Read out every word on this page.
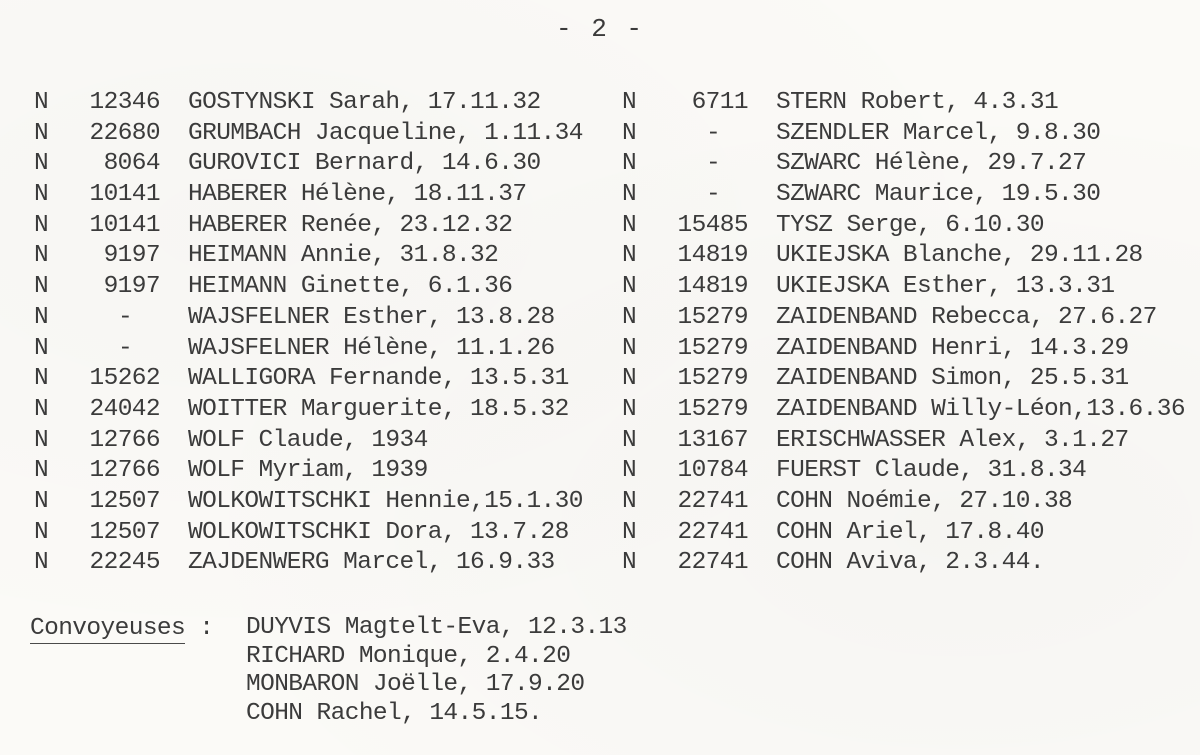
- 2 -
N	12346 GOSTYNSKI Sarah, 17.11.32
N	22680 GRUMBACH Jacqueline, 1.11.34
N	8064 GUROVICI Bernard, 14.6.30
N	10141 HABERER Hélène, 18.11.37
N	10141 HABERER Renée, 23.12.32
N	9197 HEIMANN Annie, 31.8.32
N	9197 HEIMANN Ginette, 6.1.36
N	-	WAJSFELNER Esther, 13.8.28
N	-	WAJSFELNER Hélène, 11.1.26
N	15262 WALLIGORA Fernande, 13.5.31
N	24042 WOITTER Marguerite, 18.5.32
N	12766 WOLF Claude, 1934
N	12766 WOLF Myriam, 1939
N	12507 WOLKOWITSCHKI Hennie,15.1.30
N	12507 WOLKOWITSCHKI Dora, 13.7.28
N	22245 ZAJDENWERG Marcel, 16.9.33
N	6711 STERN Robert, 4.3.31
N	-	SZENDLER Marcel, 9.8.30
N	-	SZWARC Hélène, 29.7.27
N	-	SZWARC Maurice, 19.5.30
N	15485 TYSZ Serge, 6.10.30
N	14819 UKIEJSKA Blanche, 29.11.28
N	14819 UKIEJSKA Esther, 13.3.31
N	15279 ZAIDENBAND Rebecca, 27.6.27
N	15279 ZAIDENBAND Henri, 14.3.29
N	15279 ZAIDENBAND Simon, 25.5.31
N	15279 ZAIDENBAND Willy-Léon,13.6.36
N	13167 ERISCHWASSER Alex, 3.1.27
N	10784 FUERST Claude, 31.8.34
N	22741 COHN Noémie, 27.10.38
N	22741 COHN Ariel, 17.8.40
N	22741 COHN Aviva, 2.3.44.
Convoyeuses : DUYVIS Magtelt-Eva, 12.3.13
RICHARD Monique, 2.4.20
MONBARON Joëlle, 17.9.20
COHN Rachel, 14.5.15.
